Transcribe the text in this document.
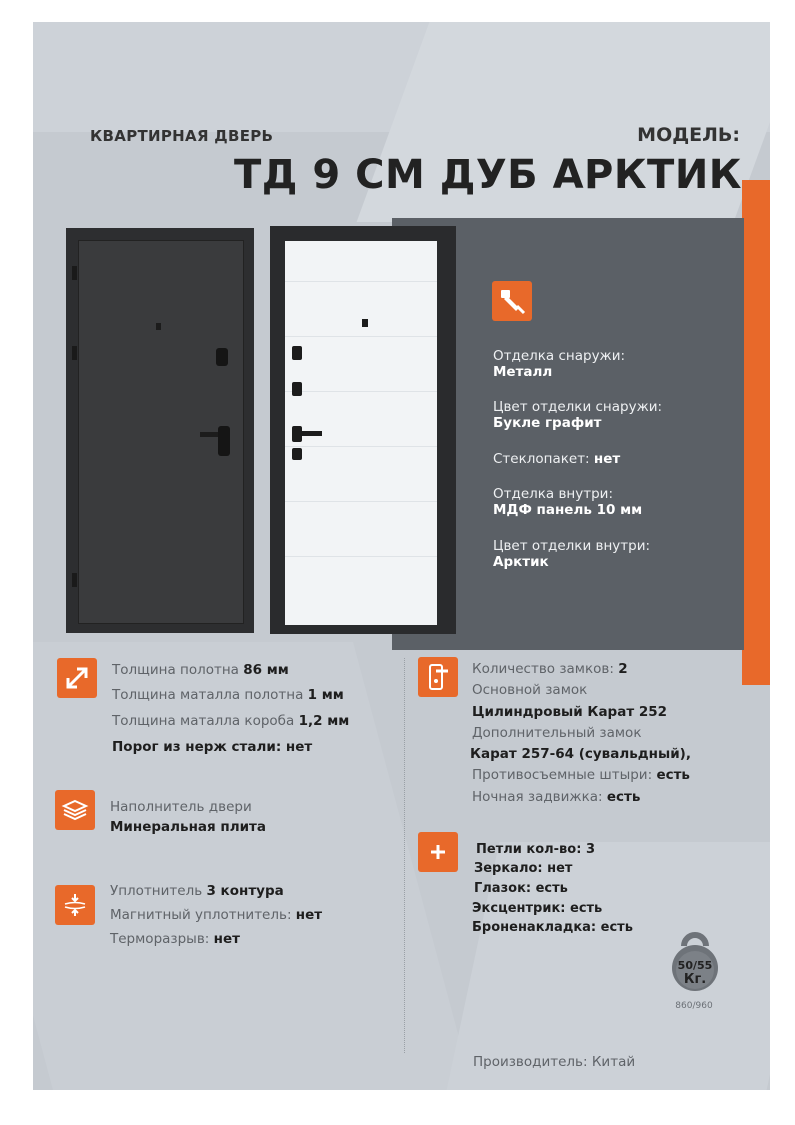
КВАРТИРНАЯ ДВЕРЬ	МОДЕЛЬ:
ТД 9 СМ ДУБ АРКТИК
Отделка снаружи:
Металл
Цвет отделки снаружи:
Букле графит
Стеклопакет: нет
Отделка внутри:
МДФ панель 10 мм
Цвет отделки внутри:
Арктик
Толщина полотна 86 мм
Толщина маталла полотна 1 мм
Толщина маталла короба 1,2 мм
Порог из нерж стали: нет
Наполнитель двери
Минеральная плита
Уплотнитель 3 контура
Магнитный уплотнитель: нет
Терморазрыв: нет
Количество замков: 2
Основной замок
Цилиндровый Карат 252
Дополнительный замок
Карат 257-64 (сувальдный),
Противосъемные штыри: есть
Ночная задвижка: есть
Петли кол-во: 3
Зеркало: нет
Глазок: есть
Эксцентрик: есть
Броненакладка: есть
50/55
Кг.
860/960
Производитель: Китай
